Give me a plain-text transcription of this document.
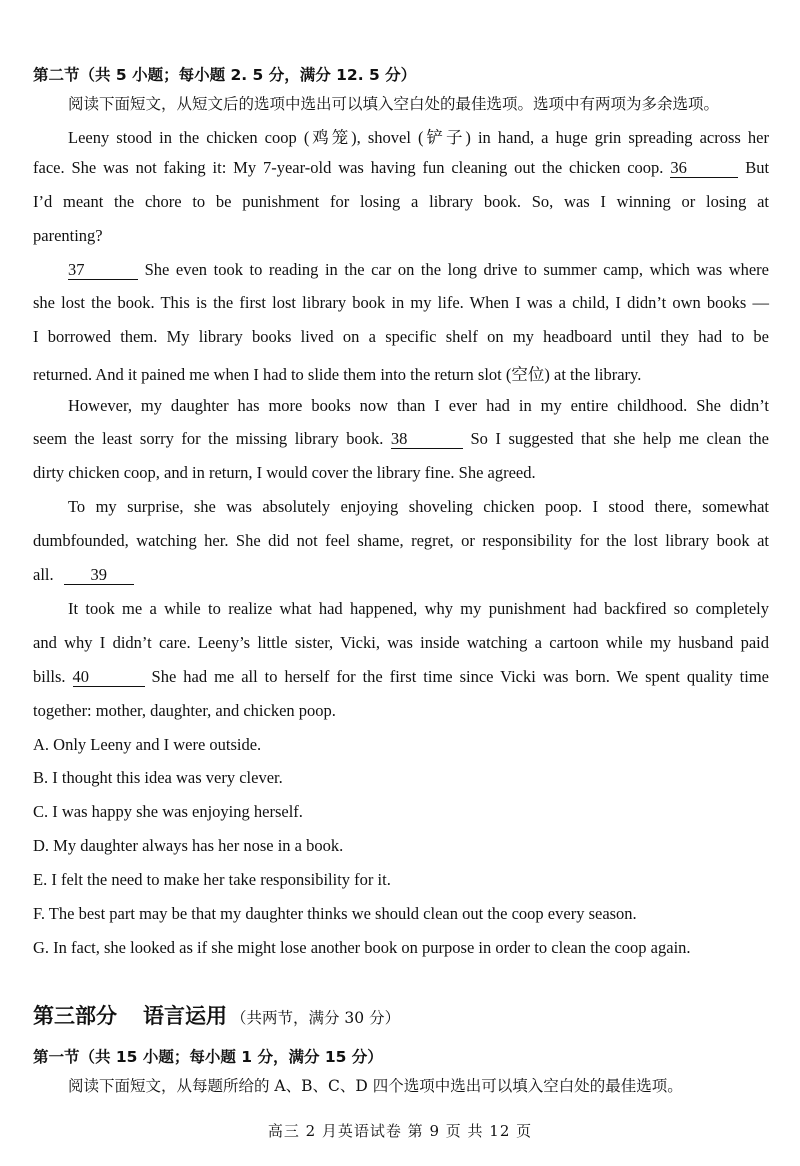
第二节（共 5 小题；每小题 2. 5 分，满分 12. 5 分）
阅读下面短文，从短文后的选项中选出可以填入空白处的最佳选项。选项中有两项为多余选项。
Leeny stood in the chicken coop (鸡笼), shovel (铲子) in hand, a huge grin spreading across her
face. She was not faking it: My 7-year-old was having fun cleaning out the chicken coop. 36	But
I’d meant the chore to be punishment for losing a library book. So, was I winning or losing at
parenting?
37	She even took to reading in the car on the long drive to summer camp, which was where
she lost the book. This is the first lost library book in my life. When I was a child, I didn’t own books —
I borrowed them. My library books lived on a specific shelf on my headboard until they had to be
returned. And it pained me when I had to slide them into the return slot (空位) at the library.
However, my daughter has more books now than I ever had in my entire childhood. She didn’t
seem the least sorry for the missing library book. 38	So I suggested that she help me clean the
dirty chicken coop, and in return, I would cover the library fine. She agreed.
To my surprise, she was absolutely enjoying shoveling chicken poop. I stood there, somewhat
dumbfounded, watching her. She did not feel shame, regret, or responsibility for the lost library book at
all. 39
It took me a while to realize what had happened, why my punishment had backfired so completely
and why I didn’t care. Leeny’s little sister, Vicki, was inside watching a cartoon while my husband paid
bills. 40	She had me all to herself for the first time since Vicki was born. We spent quality time
together: mother, daughter, and chicken poop.
A. Only Leeny and I were outside.
B. I thought this idea was very clever.
C. I was happy she was enjoying herself.
D. My daughter always has her nose in a book.
E. I felt the need to make her take responsibility for it.
F. The best part may be that my daughter thinks we should clean out the coop every season.
G. In fact, she looked as if she might lose another book on purpose in order to clean the coop again.
第三部分 语言运用 （共两节，满分 30 分）
第一节（共 15 小题；每小题 1 分，满分 15 分）
阅读下面短文，从每题所给的 A、B、C、D 四个选项中选出可以填入空白处的最佳选项。
高三 2 月英语试卷 第 9 页 共 12 页
